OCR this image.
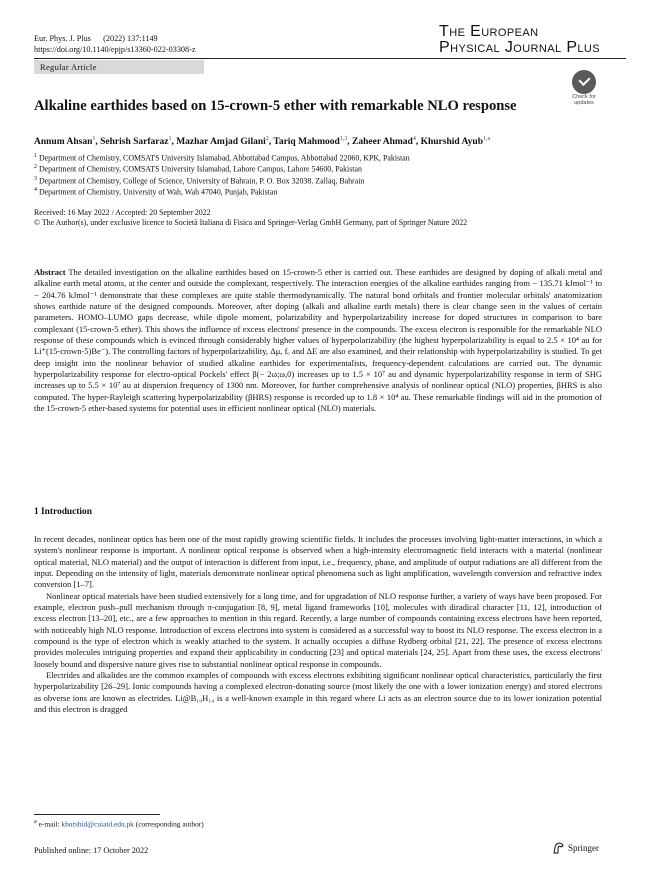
Eur. Phys. J. Plus      (2022) 137:1149
https://doi.org/10.1140/epjp/s13360-022-03308-z
The European
Physical Journal Plus
Regular Article
Check for updates
Alkaline earthides based on 15-crown-5 ether with remarkable NLO response
Annum Ahsan$^1$, Sehrish Sarfaraz$^1$, Mazhar Amjad Gilani$^2$, Tariq Mahmood$^{1,3}$, Zaheer Ahmad$^4$, Khurshid Ayub$^{1,a}$
$^1$ Department of Chemistry, COMSATS University Islamabad, Abbottabad Campus, Abbottabad 22060, KPK, Pakistan
$^2$ Department of Chemistry, COMSATS University Islamabad, Lahore Campus, Lahore 54600, Pakistan
$^3$ Department of Chemistry, College of Science, University of Bahrain, P. O. Box 32038, Zallaq, Bahrain
$^4$ Department of Chemistry, University of Wah, Wah 47040, Punjab, Pakistan
Received: 16 May 2022 / Accepted: 20 September 2022
© The Author(s), under exclusive licence to Società Italiana di Fisica and Springer-Verlag GmbH Germany, part of Springer Nature 2022
Abstract The detailed investigation on the alkaline earthides based on 15-crown-5 ether is carried out. These earthides are designed by doping of alkali metal and alkaline earth metal atoms, at the center and outside the complexant, respectively. The interaction energies of the alkaline earthides ranging from − 135.71 kJmol⁻¹ to − 204.76 kJmol⁻¹ demonstrate that these complexes are quite stable thermodynamically. The natural bond orbitals and frontier molecular orbitals' anatomization shows earthide nature of the designed compounds. Moreover, after doping (alkali and alkaline earth metals) there is clear change seen in the values of certain parameters. HOMO–LUMO gaps decrease, while dipole moment, polarizability and hyperpolarizability increase for doped structures in comparison to bare complexant (15-crown-5 ether). This shows the influence of excess electrons' presence in the compounds. The excess electron is responsible for the remarkable NLO response of these compounds which is evinced through considerably higher values of hyperpolarizability (the highest hyperpolarizability is equal to 2.5 × 10⁴ au for Li⁺(15-crown-5)Be⁻). The controlling factors of hyperpolarizability, Δμ, fₒ and ΔE are also examined, and their relationship with hyperpolarizability is studied. To get deep insight into the nonlinear behavior of studied alkaline earthides for experimentalists, frequency-dependent calculations are carried out. The dynamic hyperpolarizability response for electro-optical Pockels' effect β(− 2ω;ω,0) increases up to 1.5 × 10⁷ au and dynamic hyperpolarizability response in term of SHG increases up to 5.5 × 10⁷ au at dispersion frequency of 1300 nm. Moreover, for further comprehensive analysis of nonlinear optical (NLO) properties, βHRS is also computed. The hyper-Rayleigh scattering hyperpolarizability (βHRS) response is recorded up to 1.8 × 10⁴ au. These remarkable findings will aid in the promotion of the 15-crown-5 ether-based systems for potential uses in efficient nonlinear optical (NLO) materials.
1 Introduction

In recent decades, nonlinear optics has been one of the most rapidly growing scientific fields. It includes the processes involving light-matter interactions, in which a system's nonlinear response is important. A nonlinear optical response is observed when a high-intensity electromagnetic field interacts with a material (nonlinear optical material, NLO material) and the output of interaction is different from input, i.e., frequency, phase, and amplitude of output radiations are all different from the input. Depending on the intensity of light, materials demonstrate nonlinear optical phenomena such as light amplification, wavelength conversion and refractive index conversion [1–7].

Nonlinear optical materials have been studied extensively for a long time, and for upgradation of NLO response further, a variety of ways have been proposed. For example, electron push–pull mechanism through π-conjugation [8, 9], metal ligand frameworks [10], molecules with diradical character [11, 12], introduction of excess electron [13–20], etc., are a few approaches to mention in this regard. Recently, a large number of compounds containing excess electrons have been reported, with noticeably high NLO response. Introduction of excess electrons into system is considered as a successful way to boost its NLO response. The excess electron in a compound is the type of electron which is weakly attached to the system. It actually occupies a diffuse Rydberg orbital [21, 22]. The presence of excess electrons provides molecules intriguing properties and expand their applicability in conducting [23] and optical materials [24, 25]. Apart from these uses, the excess electrons' loosely bound and dispersive nature gives rise to substantial nonlinear optical response in compounds.

Electrides and alkalides are the common examples of compounds with excess electrons exhibiting significant nonlinear optical characteristics, particularly the first hyperpolarizability [26–29]. Ionic compounds having a complexed electron-donating source (most likely the one with a lower ionization energy) and stored electrons as obverse ions are known as electrides. Li@B₁₀H₁₄ is a well-known example in this regard where Li acts as an electron source due to its lower ionization potential and this electron is dragged

$^a$ e-mail: khurshid@cuiatd.edu.pk (corresponding author)
Published online: 17 October 2022	Springer
